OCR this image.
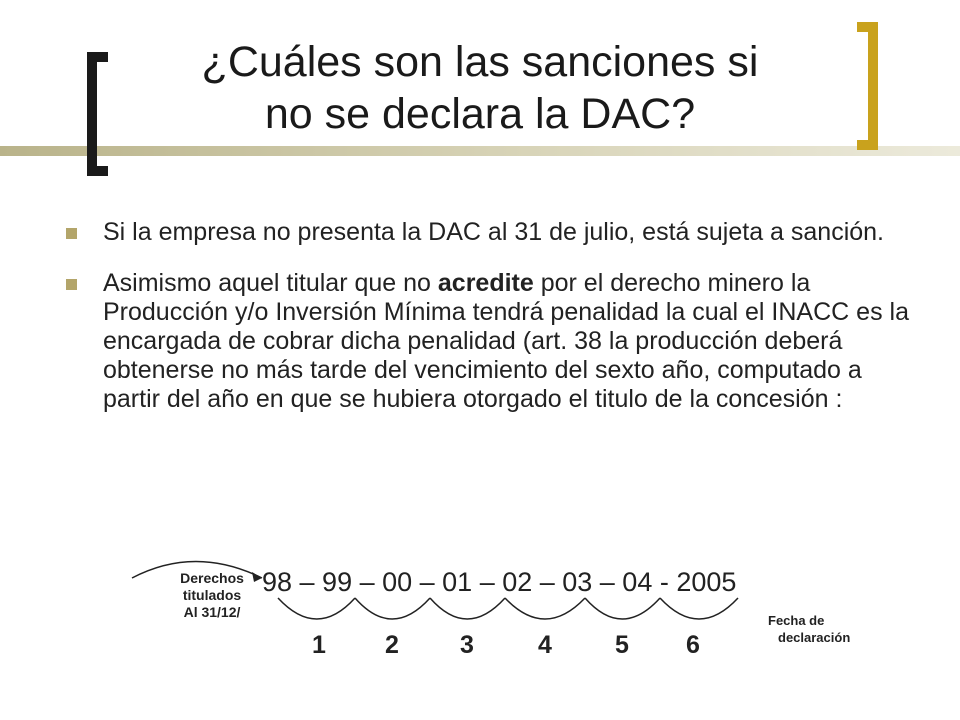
¿Cuáles son las sanciones si
no se declara la DAC?
Si la empresa no presenta la DAC al 31 de julio, está sujeta a sanción.
Asimismo aquel titular que no acredite por el derecho minero la Producción y/o Inversión Mínima tendrá penalidad la cual el INACC es la encargada de cobrar dicha penalidad (art. 38 la producción deberá obtenerse no más tarde del vencimiento del sexto año, computado a partir del año en que se hubiera otorgado el titulo de la concesión :
Derechos
titulados
Al 31/12/
98 – 99 – 00 – 01 – 02 – 03 – 04 - 2005
Fecha de
declaración
1 2 3	4	5 6
